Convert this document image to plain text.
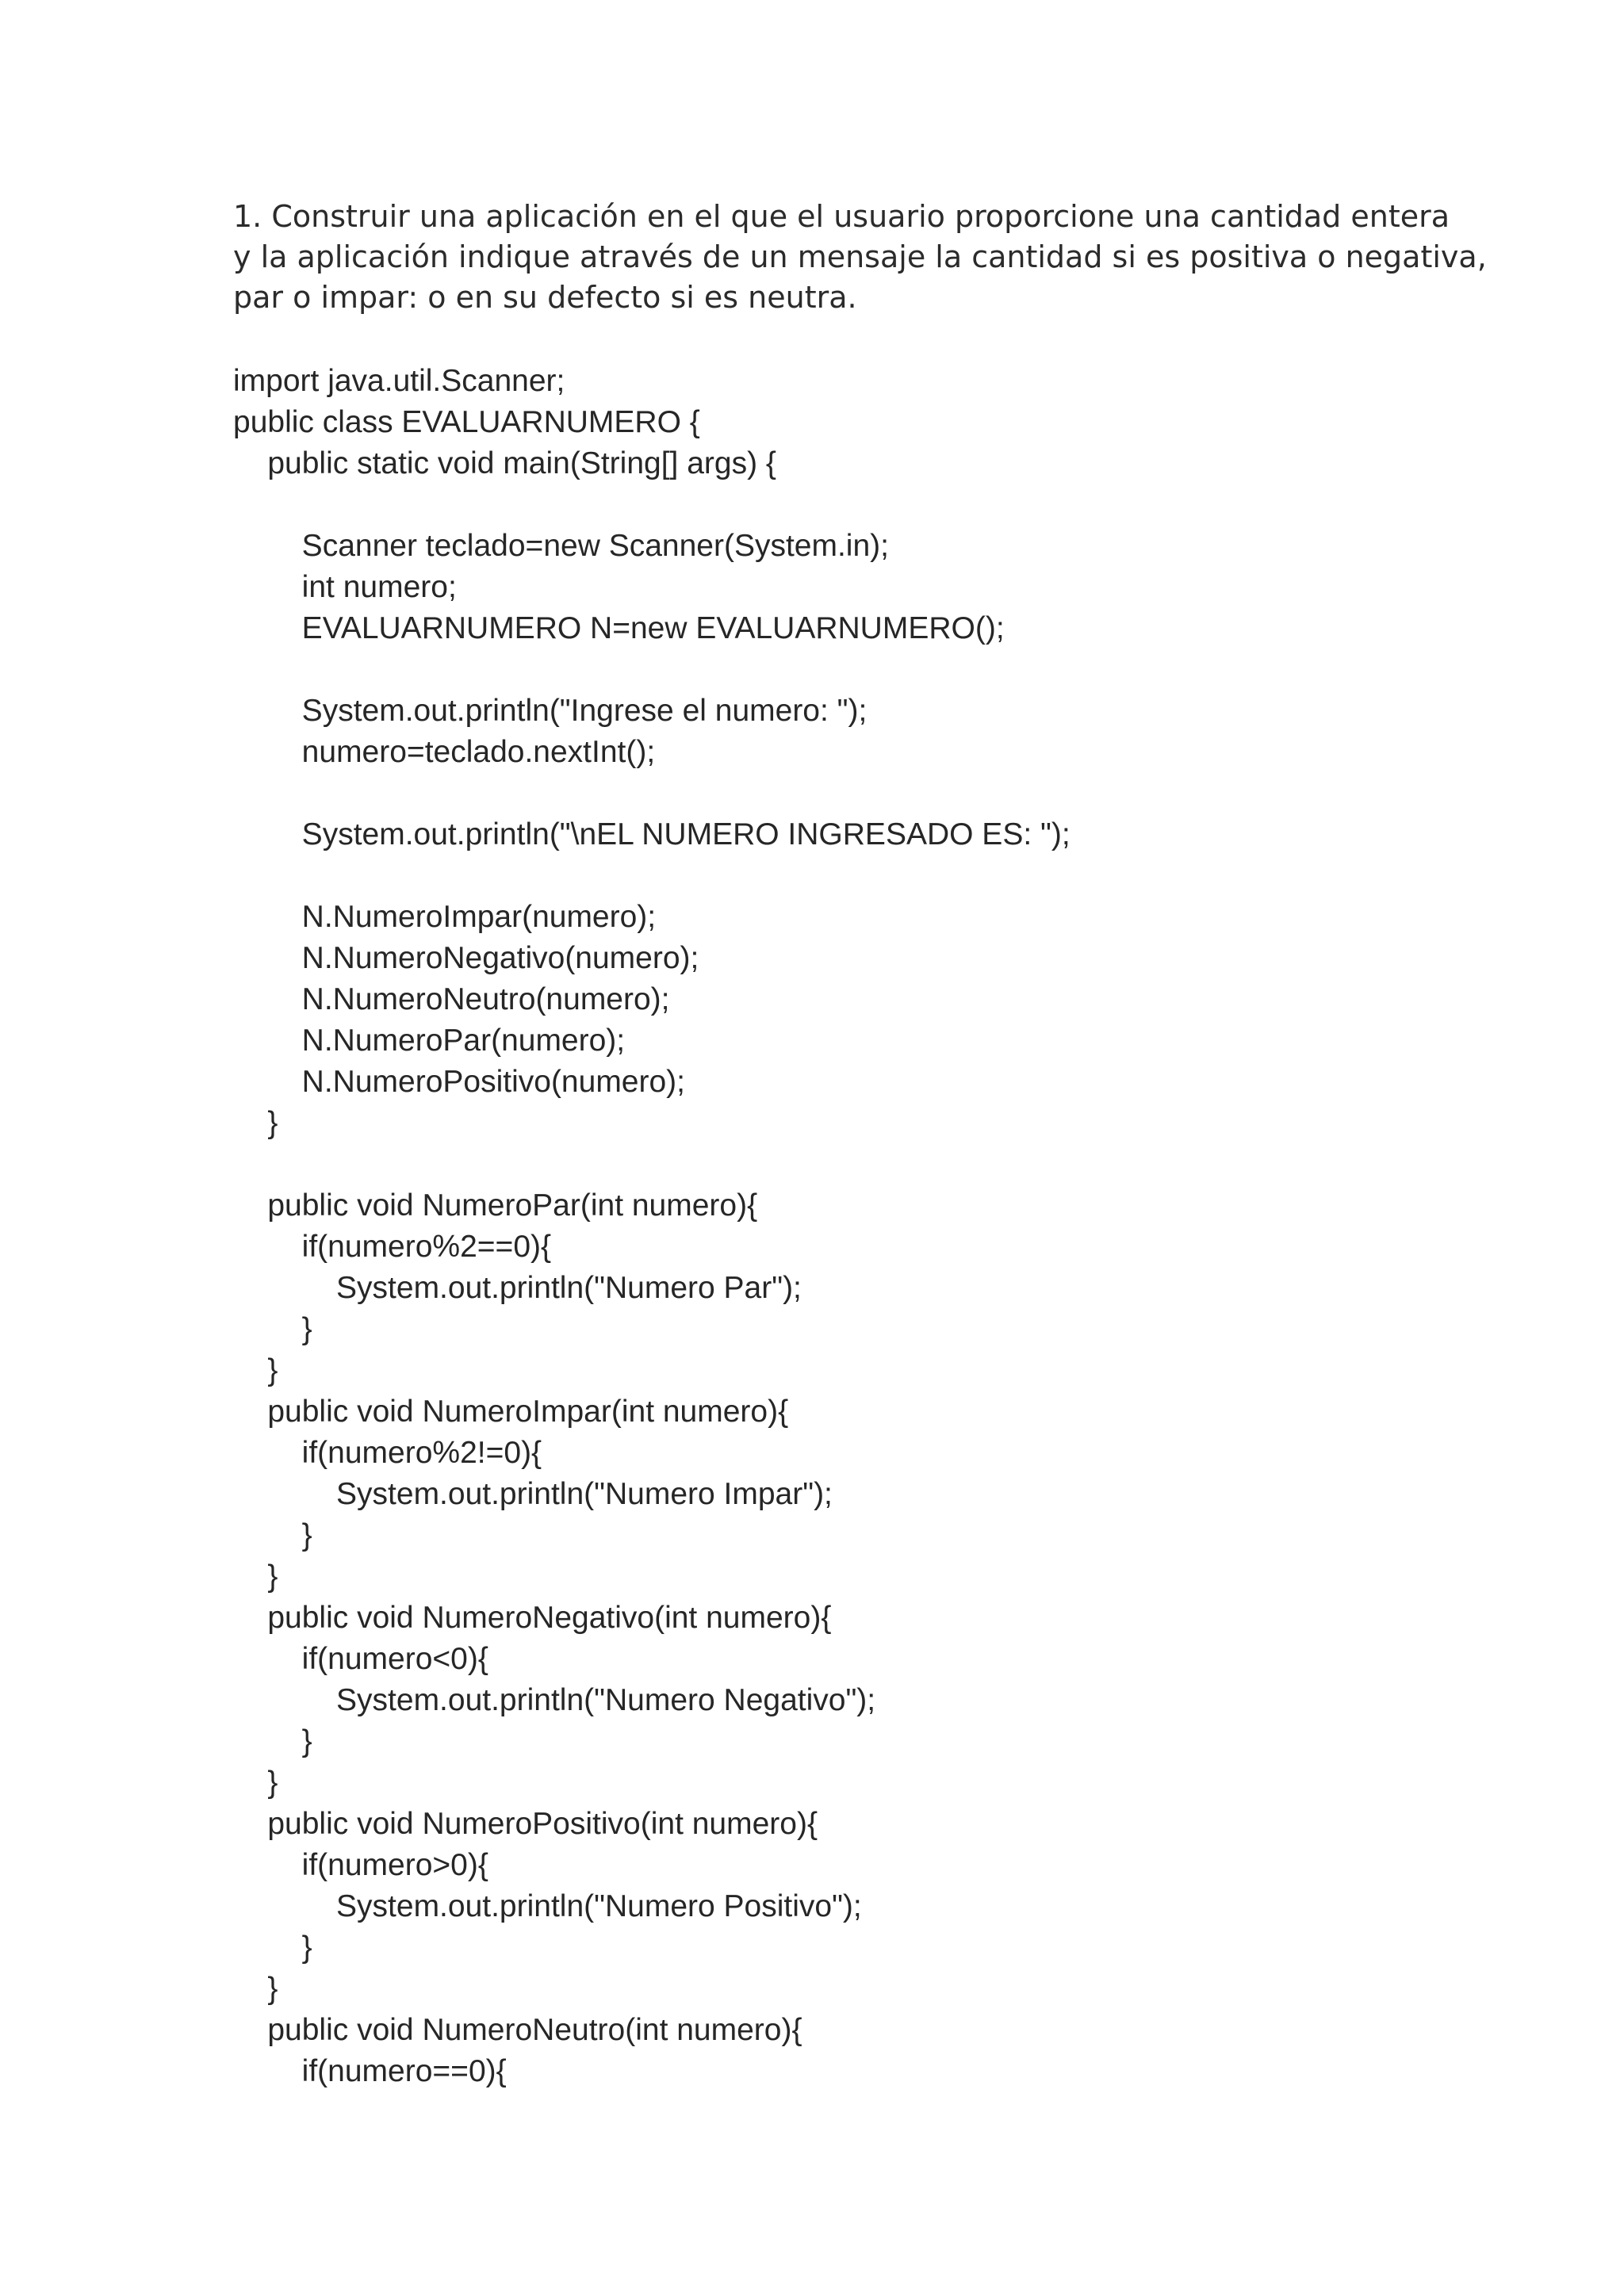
1. Construir una aplicación en el que el usuario proporcione una cantidad entera
y la aplicación indique através de un mensaje la cantidad si es positiva o negativa,
par o impar: o en su defecto si es neutra.
import java.util.Scanner;
public class EVALUARNUMERO {
public static void main(String[] args) {
Scanner teclado=new Scanner(System.in);
int numero;
EVALUARNUMERO N=new EVALUARNUMERO();
System.out.println("Ingrese el numero: ");
numero=teclado.nextInt();
System.out.println("\nEL NUMERO INGRESADO ES: ");
N.NumeroImpar(numero);
N.NumeroNegativo(numero);
N.NumeroNeutro(numero);
N.NumeroPar(numero);
N.NumeroPositivo(numero);
}
public void NumeroPar(int numero){
if(numero%2==0){
System.out.println("Numero Par");
}
}
public void NumeroImpar(int numero){
if(numero%2!=0){
System.out.println("Numero Impar");
}
}
public void NumeroNegativo(int numero){
if(numero<0){
System.out.println("Numero Negativo");
}
}
public void NumeroPositivo(int numero){
if(numero>0){
System.out.println("Numero Positivo");
}
}
public void NumeroNeutro(int numero){
if(numero==0){
